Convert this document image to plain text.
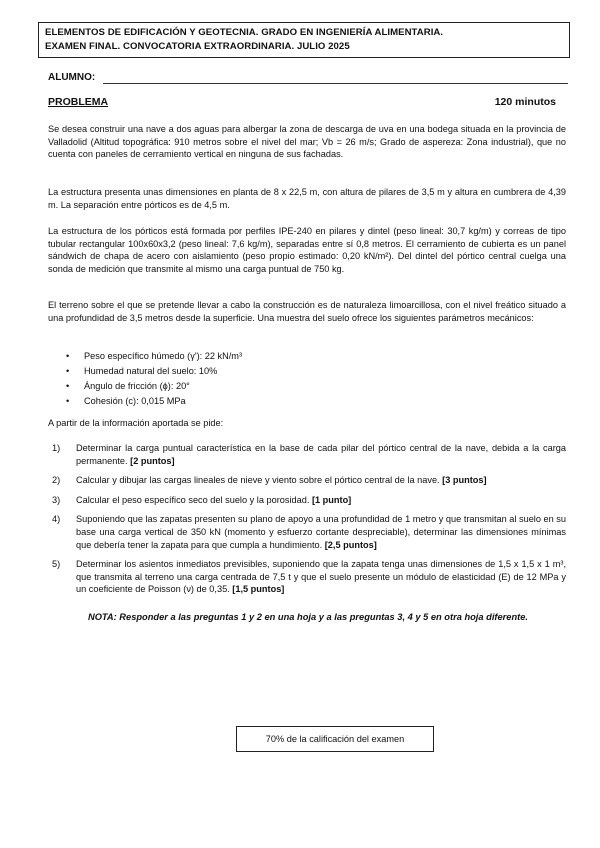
ELEMENTOS DE EDIFICACIÓN Y GEOTECNIA. GRADO EN INGENIERÍA ALIMENTARIA.
EXAMEN FINAL. CONVOCATORIA EXTRAORDINARIA. JULIO 2025
ALUMNO:
PROBLEMA	120 minutos
Se desea construir una nave a dos aguas para albergar la zona de descarga de uva en una bodega situada en la provincia de Valladolid (Altitud topográfica: 910 metros sobre el nivel del mar; Vb = 26 m/s; Grado de aspereza: Zona industrial), que no cuenta con paneles de cerramiento vertical en ninguna de sus fachadas.
La estructura presenta unas dimensiones en planta de 8 x 22,5 m, con altura de pilares de 3,5 m y altura en cumbrera de 4,39 m. La separación entre pórticos es de 4,5 m.
La estructura de los pórticos está formada por perfiles IPE-240 en pilares y dintel (peso lineal: 30,7 kg/m) y correas de tipo tubular rectangular 100x60x3,2 (peso lineal: 7,6 kg/m), separadas entre sí 0,8 metros. El cerramiento de cubierta es un panel sándwich de chapa de acero con aislamiento (peso propio estimado: 0,20 kN/m²). Del dintel del pórtico central cuelga una sonda de medición que transmite al mismo una carga puntual de 750 kg.
El terreno sobre el que se pretende llevar a cabo la construcción es de naturaleza limoarcillosa, con el nivel freático situado a una profundidad de 3,5 metros desde la superficie. Una muestra del suelo ofrece los siguientes parámetros mecánicos:
• Peso específico húmedo (γ'): 22 kN/m³
• Humedad natural del suelo: 10%
• Ángulo de fricción (ϕ): 20°
• Cohesión (c): 0,015 MPa
A partir de la información aportada se pide:
1) Determinar la carga puntual característica en la base de cada pilar del pórtico central de la nave, debida a la carga permanente. [2 puntos]
2) Calcular y dibujar las cargas lineales de nieve y viento sobre el pórtico central de la nave. [3 puntos]
3) Calcular el peso específico seco del suelo y la porosidad. [1 punto]
4) Suponiendo que las zapatas presenten su plano de apoyo a una profundidad de 1 metro y que transmitan al suelo en su base una carga vertical de 350 kN (momento y esfuerzo cortante despreciable), determinar las dimensiones mínimas que debería tener la zapata para que cumpla a hundimiento. [2,5 puntos]
5) Determinar los asientos inmediatos previsibles, suponiendo que la zapata tenga unas dimensiones de 1,5 x 1,5 x 1 m³, que transmita al terreno una carga centrada de 7,5 t y que el suelo presente un módulo de elasticidad (E) de 12 MPa y un coeficiente de Poisson (ν) de 0,35. [1,5 puntos]
NOTA: Responder a las preguntas 1 y 2 en una hoja y a las preguntas 3, 4 y 5 en otra hoja diferente.
70% de la calificación del examen
